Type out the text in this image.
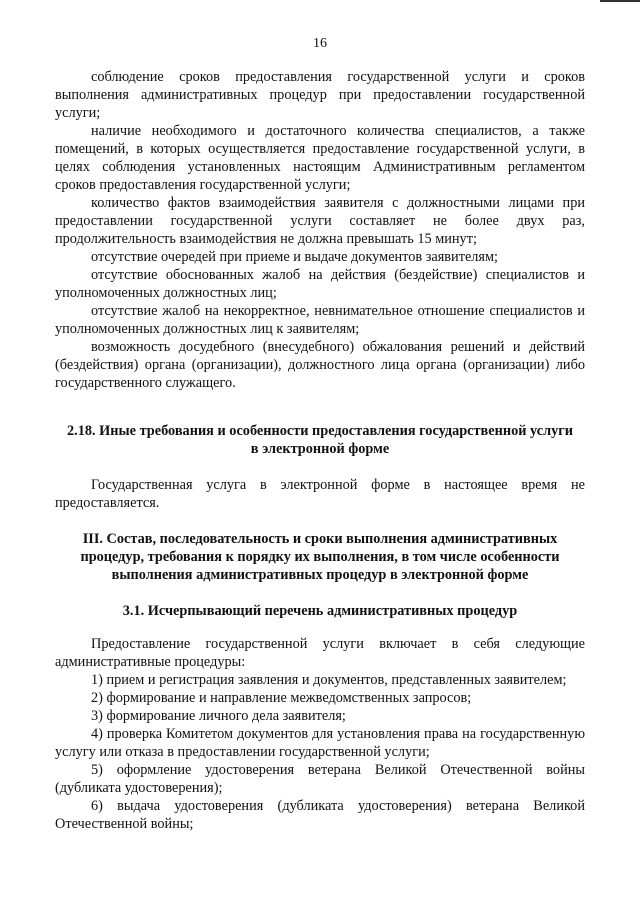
16

соблюдение сроков предоставления государственной услуги и сроков выполнения административных процедур при предоставлении государственной услуги;

наличие необходимого и достаточного количества специалистов, а также помещений, в которых осуществляется предоставление государственной услуги, в целях соблюдения установленных настоящим Административным регламентом сроков предоставления государственной услуги;

количество фактов взаимодействия заявителя с должностными лицами при предоставлении государственной услуги составляет не более двух раз, продолжительность взаимодействия не должна превышать 15 минут;

отсутствие очередей при приеме и выдаче документов заявителям;

отсутствие обоснованных жалоб на действия (бездействие) специалистов и уполномоченных должностных лиц;

отсутствие жалоб на некорректное, невнимательное отношение специалистов и уполномоченных должностных лиц к заявителям;

возможность досудебного (внесудебного) обжалования решений и действий (бездействия) органа (организации), должностного лица органа (организации) либо государственного служащего.

2.18. Иные требования и особенности предоставления государственной услуги
в электронной форме

Государственная услуга в электронной форме в настоящее время не предоставляется.

III. Состав, последовательность и сроки выполнения административных
процедур, требования к порядку их выполнения, в том числе особенности
выполнения административных процедур в электронной форме

3.1. Исчерпывающий перечень административных процедур

Предоставление государственной услуги включает в себя следующие административные процедуры:

1) прием и регистрация заявления и документов, представленных заявителем;

2) формирование и направление межведомственных запросов;

3) формирование личного дела заявителя;

4) проверка Комитетом документов для установления права на государственную услугу или отказа в предоставлении государственной услуги;

5) оформление удостоверения ветерана Великой Отечественной войны (дубликата удостоверения);

6) выдача удостоверения (дубликата удостоверения) ветерана Великой Отечественной войны;
